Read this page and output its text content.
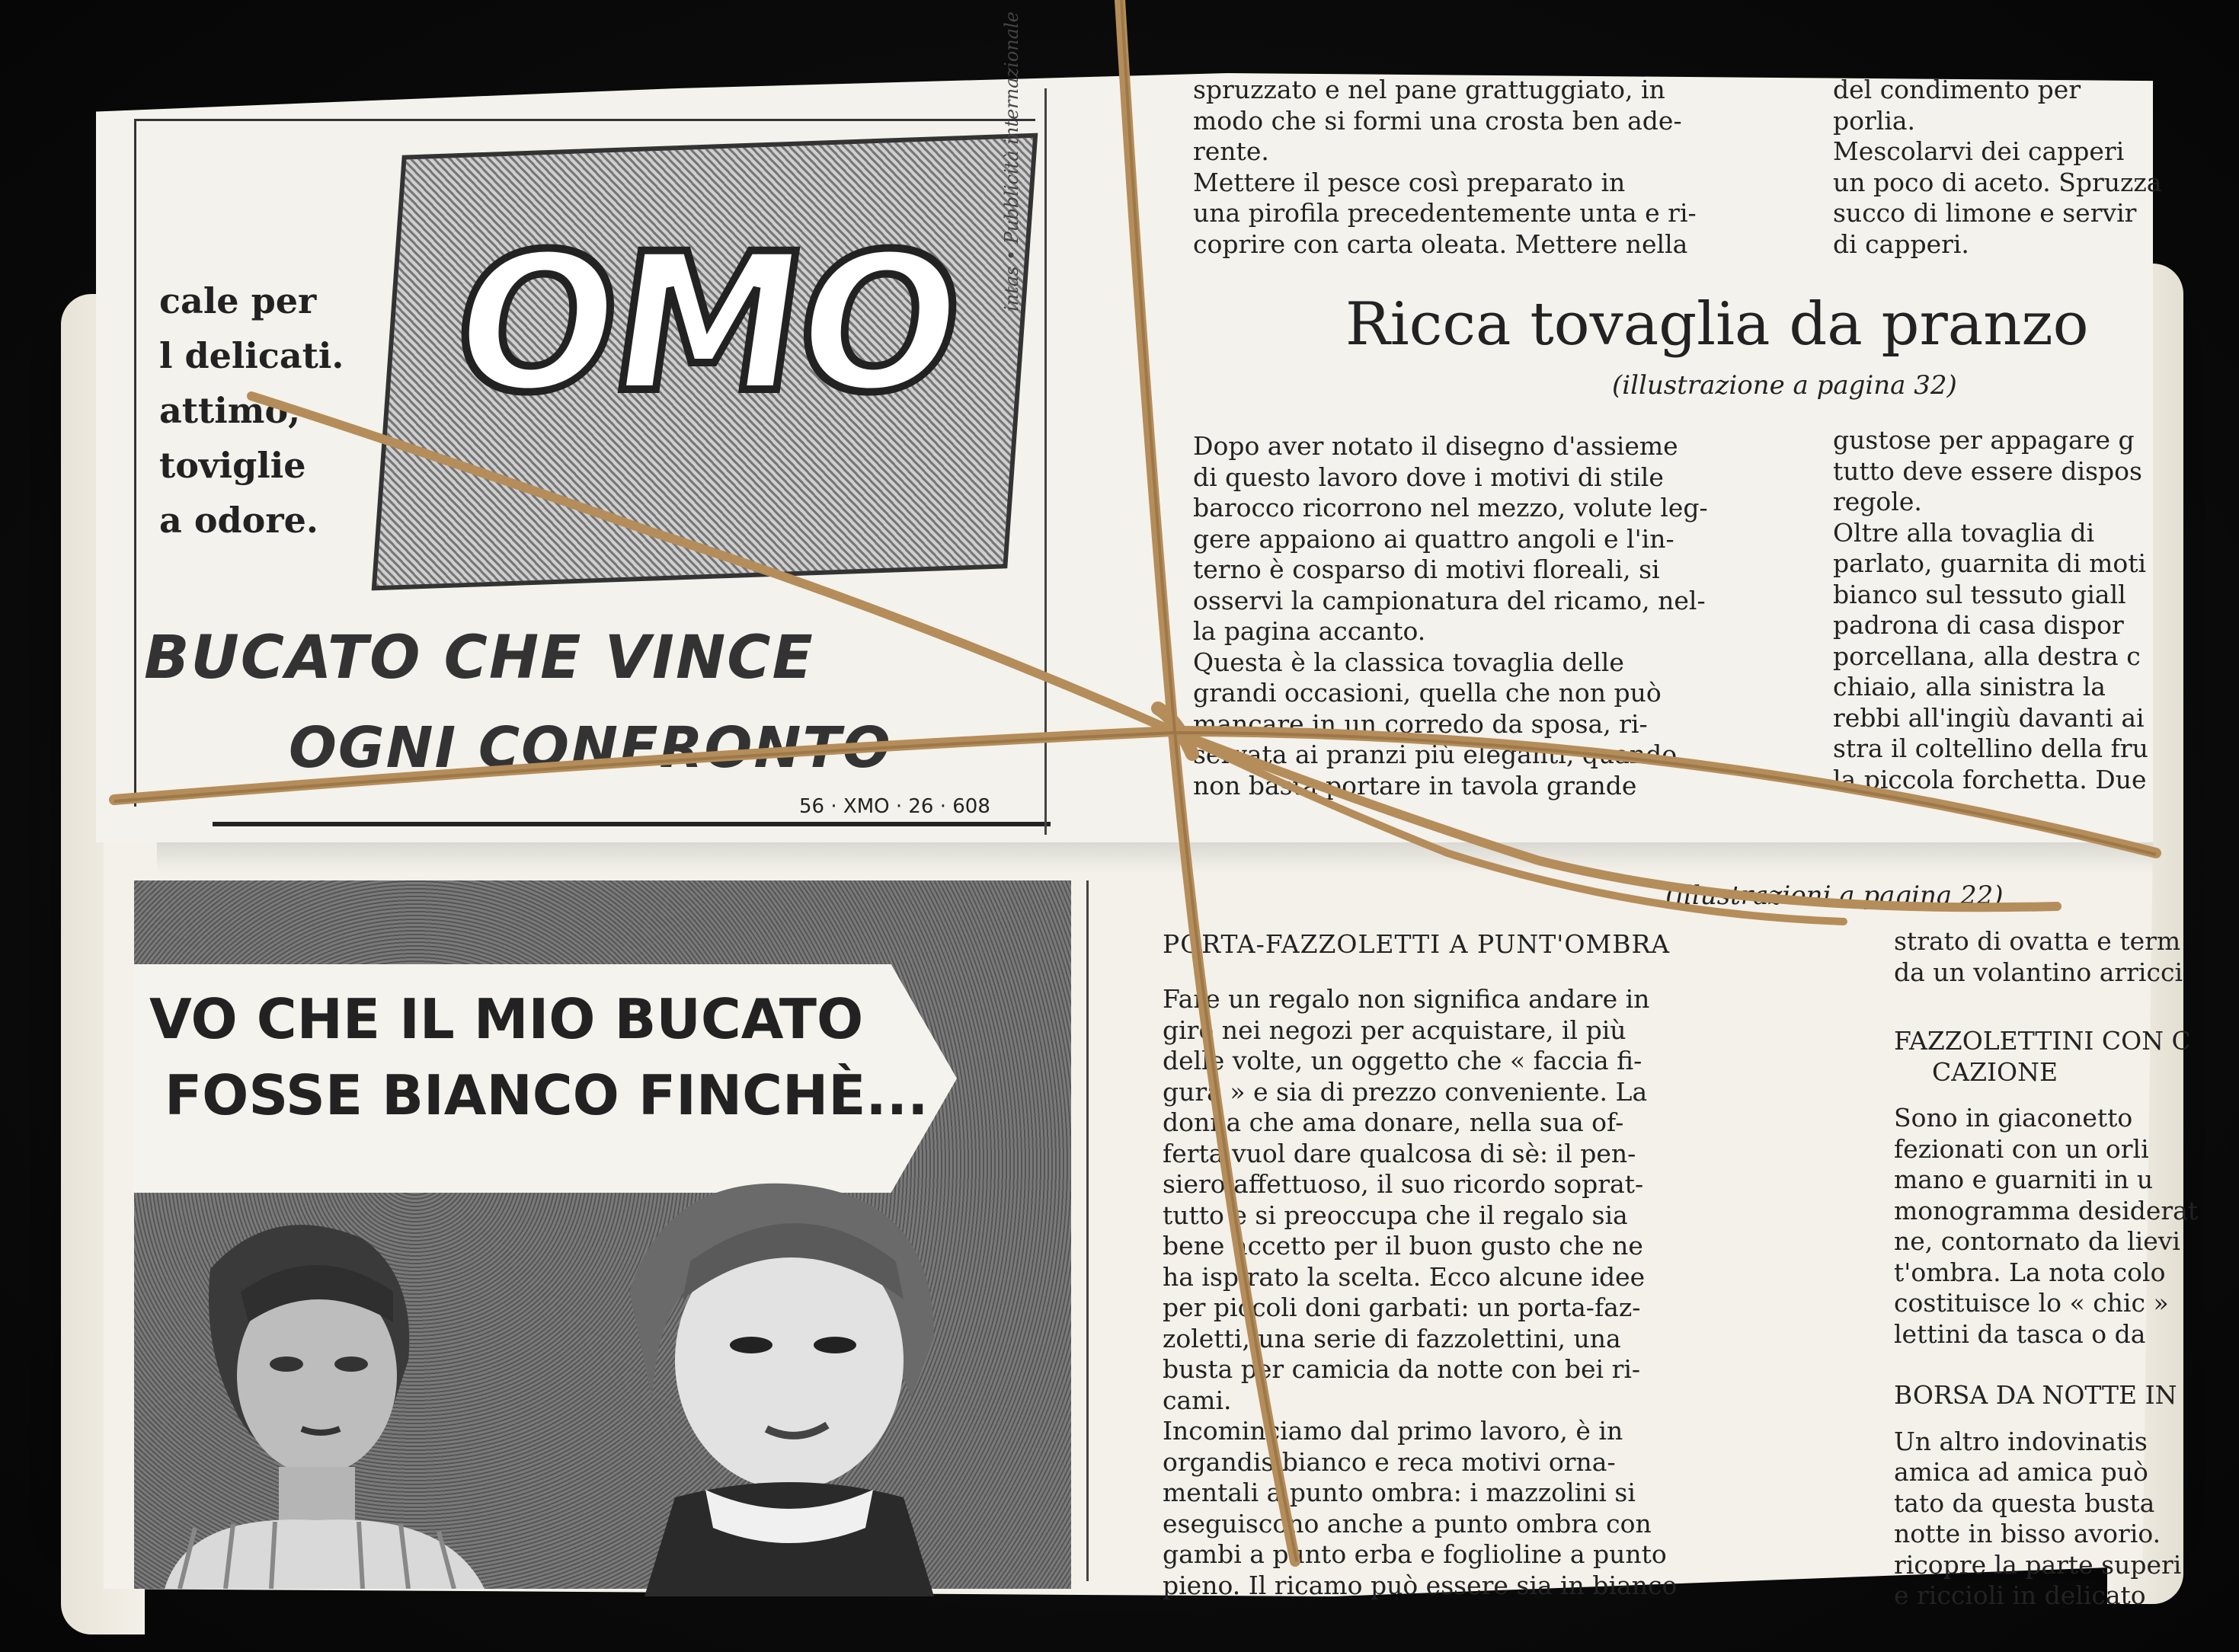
VO CHE IL MIO BUCATO
FOSSE BIANCO FINCHÈ...
(illustrazioni a pagina 22)
PORTA-FAZZOLETTI A PUNT'OMBRA
Fare un regalo non significa andare in
giro nei negozi per acquistare, il più
delle volte, un oggetto che « faccia fi-
gura » e sia di prezzo conveniente. La
donna che ama donare, nella sua of-
ferta vuol dare qualcosa di sè: il pen-
siero affettuoso, il suo ricordo soprat-
tutto e si preoccupa che il regalo sia
bene accetto per il buon gusto che ne
ha ispirato la scelta. Ecco alcune idee
per piccoli doni garbati: un porta-faz-
zoletti, una serie di fazzolettini, una
busta per camicia da notte con bei ri-
cami.
Incominciamo dal primo lavoro, è in
organdis bianco e reca motivi orna-
mentali a punto ombra: i mazzolini si
eseguiscono anche a punto ombra con
gambi a punto erba e foglioline a punto
pieno. Il ricamo può essere sia in bianco
strato di ovatta e term
da un volantino arricci
FAZZOLETTINI CON C
CAZIONE
Sono in giaconetto
fezionati con un orli
mano e guarniti in u
monogramma desiderat
ne, contornato da lievi
t'ombra. La nota colo
costituisce lo « chic »
lettini da tasca o da
BORSA DA NOTTE IN
Un altro indovinatis
amica ad amica può
tato da questa busta
notte in bisso avorio.
ricopre la parte superi
e riccioli in delicato
OMO
cale per
l delicati.
attimo,
toviglie
a odore.
BUCATO CHE VINCE
OGNI CONFRONTO
56 · XMO · 26 · 608
intas • Pubblicità internazionale	spruzzato e nel pane grattuggiato, in
modo che si formi una crosta ben ade-
rente.
Mettere il pesce così preparato in
una pirofila precedentemente unta e ri-
coprire con carta oleata. Mettere nella
del condimento per
porlia.
Mescolarvi dei capperi
un poco di aceto. Spruzza
succo di limone e servir
di capperi.
Ricca tovaglia da pranzo
(illustrazione a pagina 32)
Dopo aver notato il disegno d'assieme
di questo lavoro dove i motivi di stile
barocco ricorrono nel mezzo, volute leg-
gere appaiono ai quattro angoli e l'in-
terno è cosparso di motivi floreali, si
osservi la campionatura del ricamo, nel-
la pagina accanto.
Questa è la classica tovaglia delle
grandi occasioni, quella che non può
mancare in un corredo da sposa, ri-
servata ai pranzi più eleganti, quando
non basta portare in tavola grande
gustose per appagare g
tutto deve essere dispos
regole.
Oltre alla tovaglia di
parlato, guarnita di moti
bianco sul tessuto giall
padrona di casa dispor
porcellana, alla destra c
chiaio, alla sinistra la
rebbi all'ingiù davanti ai
stra il coltellino della fru
la piccola forchetta. Due
